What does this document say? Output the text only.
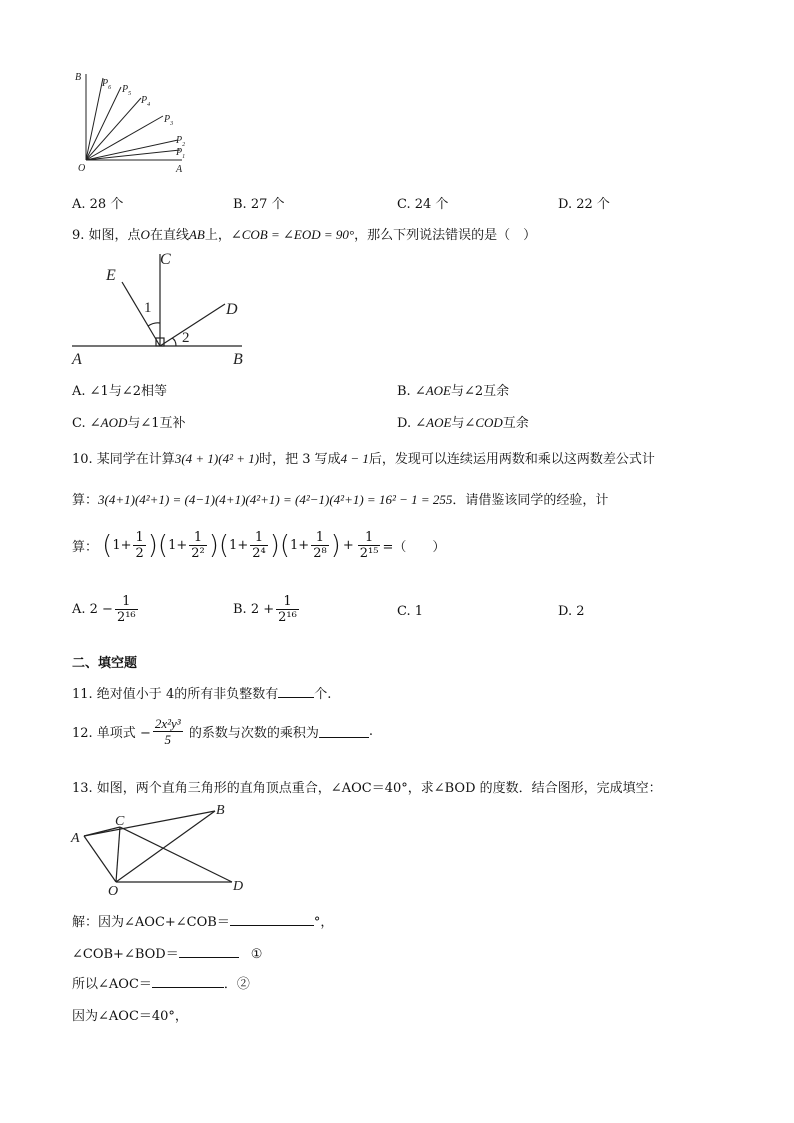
B
O	A
$P_6$ $P_5$
$P_4$
$P_3$
$P_2$
$P_1$
A. 28 个	B. 27 个	C. 24 个	D. 22 个
9. 如图，点O在直线AB上，∠COB = ∠EOD = 90°，那么下列说法错误的是（　）
E
C
D
A	B
1
2
A. ∠1与∠2相等	B. ∠AOE与∠2互余
C. ∠AOD与∠1互补	D. ∠AOE与∠COD互余
10. 某同学在计算3(4 + 1)(4² + 1)时，把 3 写成4 − 1后，发现可以连续运用两数和乘以这两数差公式计
算：3(4+1)(4²+1) = (4−1)(4+1)(4²+1) = (4²−1)(4²+1) = 16² − 1 = 255．请借鉴该同学的经验，计
算： $(1+ \frac{1}{2} )(1+ \frac{1}{\text{2²}} )(1+ \frac{1}{\text{2⁴}} )(1+ \frac{1}{\text{2⁸}}$ ) + $\frac{1}{\text{2¹⁵}}$ =（　　）
A. $2 - \frac{1}{\text{2¹⁶}}$	B. $2 + \frac{1}{\text{2¹⁶}}$	C. 1	D. 2
二、填空题
11. 绝对值小于 4的所有非负整数有	个.
12. 单项式 − $\frac{\text{2x²y³}}{5}$ 的系数与次数的乘积为	.
13. 如图，两个直角三角形的直角顶点重合，∠AOC＝40°，求∠BOD 的度数．结合图形，完成填空：
A
B
C
D
O
解：因为∠AOC+∠COB＝	°，
∠COB+∠BOD＝	①
所以∠AOC＝	．②
因为∠AOC＝40°，
